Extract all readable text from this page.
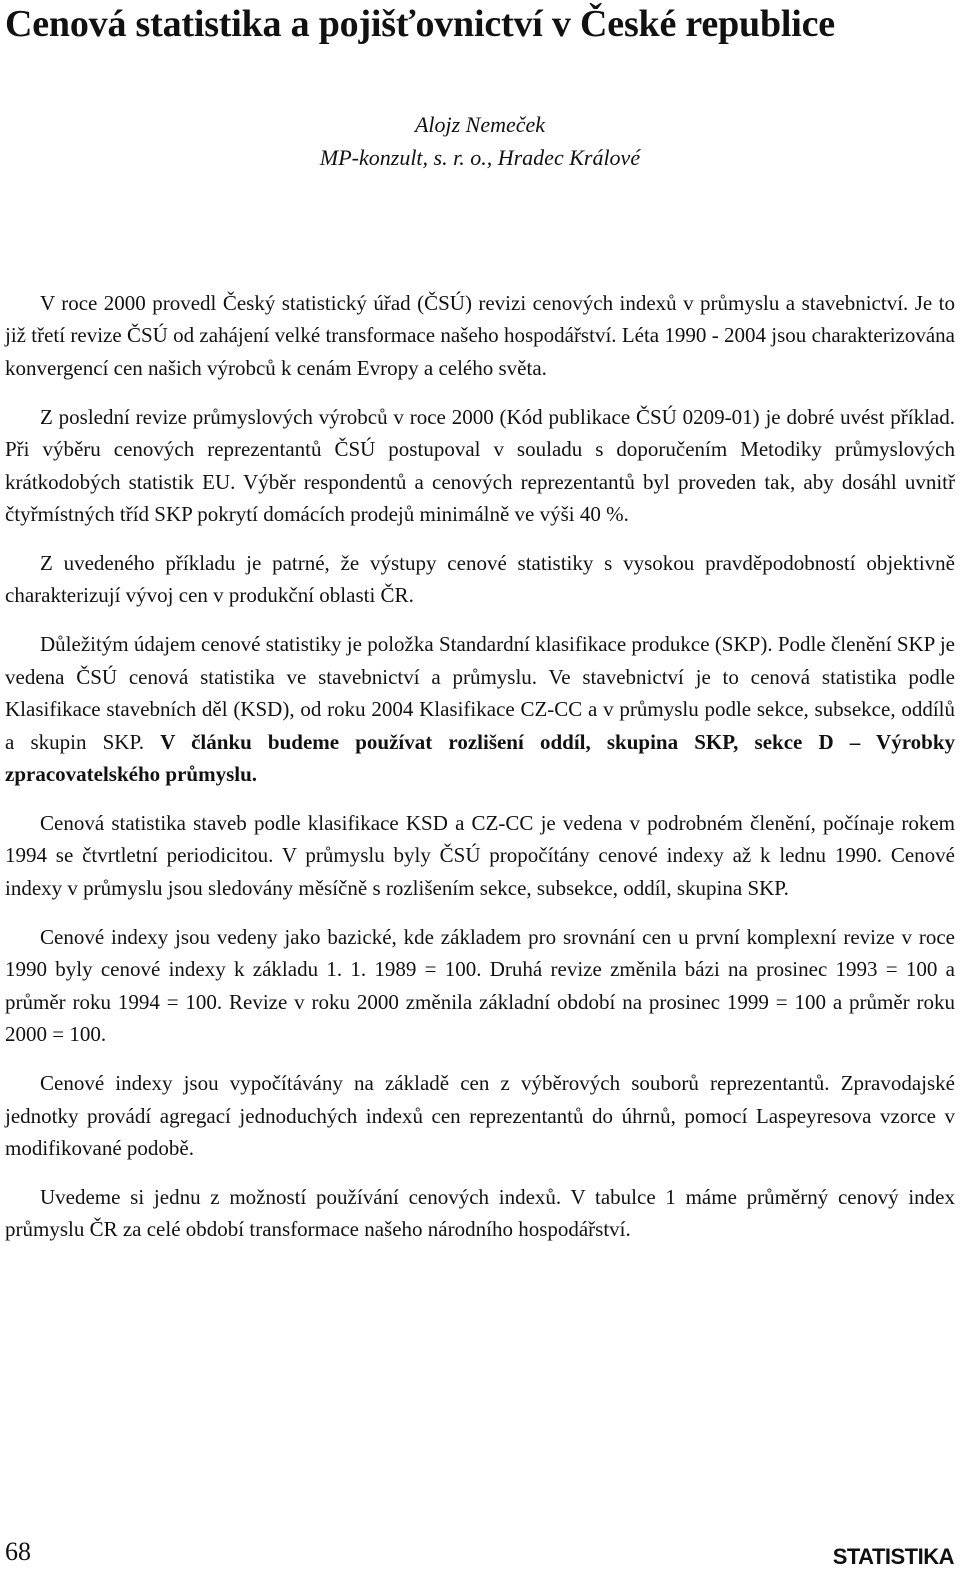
Cenová statistika a pojišťovnictví v České republice

Alojz Nemeček

MP-konzult, s. r. o., Hradec Králové

V roce 2000 provedl Český statistický úřad (ČSÚ) revizi cenových indexů v průmyslu a stavebnictví. Je to již třetí revize ČSÚ od zahájení velké transformace našeho hospodářství. Léta 1990 - 2004 jsou charakterizována konvergencí cen našich výrobců k cenám Evropy a celého světa.

Z poslední revize průmyslových výrobců v roce 2000 (Kód publikace ČSÚ 0209-01) je dobré uvést příklad. Při výběru cenových reprezentantů ČSÚ postupoval v souladu s doporučením Metodiky průmyslových krátkodobých statistik EU. Výběr respondentů a cenových reprezentantů byl proveden tak, aby dosáhl uvnitř čtyřmístných tříd SKP pokrytí domácích prodejů minimálně ve výši 40 %.

Z uvedeného příkladu je patrné, že výstupy cenové statistiky s vysokou pravděpodobností objektivně charakterizují vývoj cen v produkční oblasti ČR.

Důležitým údajem cenové statistiky je položka Standardní klasifikace produkce (SKP). Podle členění SKP je vedena ČSÚ cenová statistika ve stavebnictví a průmyslu. Ve stavebnictví je to cenová statistika podle Klasifikace stavebních děl (KSD), od roku 2004 Klasifikace CZ-CC a v průmyslu podle sekce, subsekce, oddílů a skupin SKP. V článku budeme používat rozlišení oddíl, skupina SKP, sekce D – Výrobky zpracovatelského průmyslu.

Cenová statistika staveb podle klasifikace KSD a CZ-CC je vedena v podrobném členění, počínaje rokem 1994 se čtvrtletní periodicitou. V průmyslu byly ČSÚ propočítány cenové indexy až k lednu 1990. Cenové indexy v průmyslu jsou sledovány měsíčně s rozlišením sekce, subsekce, oddíl, skupina SKP.

Cenové indexy jsou vedeny jako bazické, kde základem pro srovnání cen u první komplexní revize v roce 1990 byly cenové indexy k základu 1. 1. 1989 = 100. Druhá revize změnila bázi na prosinec 1993 = 100 a průměr roku 1994 = 100. Revize v roku 2000 změnila základní období na prosinec 1999 = 100 a průměr roku 2000 = 100.

Cenové indexy jsou vypočítávány na základě cen z výběrových souborů reprezentantů. Zpravodajské jednotky provádí agregací jednoduchých indexů cen reprezentantů do úhrnů, pomocí Laspeyresova vzorce v modifikované podobě.

Uvedeme si jednu z možností používání cenových indexů. V tabulce 1 máme průměrný cenový index průmyslu ČR za celé období transformace našeho národního hospodářství.

68	STATISTIKA
